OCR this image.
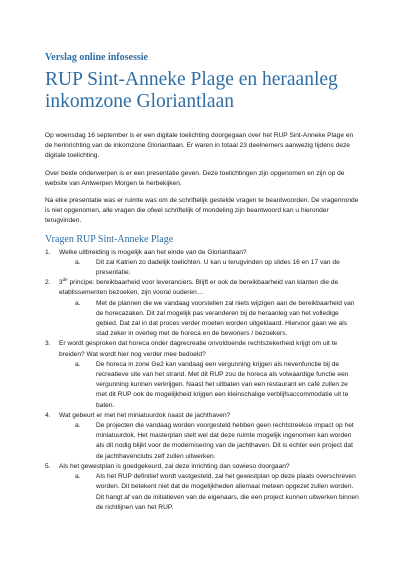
Verslag online infosessie
RUP Sint-Anneke Plage en heraanleg
inkomzone Gloriantlaan

Op woensdag 16 september is er een digitale toelichting doorgegaan over het RUP Sint-Anneke Plage en de herinrichting van de inkomzone Gloriantlaan. Er waren in totaal 23 deelnemers aanwezig tijdens deze digitale toelichting.

Over beide onderwerpen is er een presentatie geven. Deze toelichtingen zijn opgenomen en zijn op de website van Antwerpen Morgen te herbekijken.

Na elke presentatie was er ruimte was om de schriftelijk gestelde vragen te beantwoorden. De vragenronde is niet opgenomen, alle vragen die ofwel schriftelijk of mondeling zijn beantwoord kan u hieronder terugvinden.

Vragen RUP Sint-Anneke Plage
1. Welke uitbreiding is mogelijk aan het einde van de Gloriantlaan?
a. Dit zal Katrien zo dadelijk toelichten. U kan u terugvinden op slides 16 en 17 van de presentatie.
2. 3de principe: bereikbaarheid voor leveranciers. Blijft er ook de bereikbaarheid van klanten die de etablissementen bezoeken, zijn vooral ouderen…
a. Met de plannen die we vandaag voorstellen zal niets wijzigen aan de bereikbaarheid van de horecazaken. Dit zal mogelijk pas veranderen bij de heraanleg van het volledige gebied. Dat zal in dat proces verder moeten worden uitgeklaard. Hiervoor gaan we als stad zeker in overleg met de horeca en de bewoners / bezoekers.
3. Er wordt gesproken dat horeca onder dagrecreatie onvoldoende rechtszekerheid krijgt om uit te breiden? Wat wordt hier nog verder mee bedoeld?
a. De horeca in zone Ge2 kan vandaag een vergunning krijgen als nevenfunctie bij de recreatieve site van het strand. Met dit RUP zou de horeca als volwaardige functie een vergunning kunnen verkrijgen. Naast het uitbaten van een restaurant en café zullen ze met dit RUP ook de mogelijkheid krijgen een kleinschalige verblijfsaccommodatie uit te baten.
4. Wat gebeurt er met het miniatuurdok naast de jachthaven?
a. De projecten die vandaag worden voorgesteld hebben geen rechtstreekse impact op het miniatuurdok. Het masterplan stelt wel dat deze ruimte mogelijk ingenomen kan worden als dit nodig blijkt voor de modernisering van de jachthaven. Dit is echter een project dat de jachthavenclubs zelf zullen uitwerken.
5. Als het gewestplan is goedgekeurd, zal deze inrichting dan sowieso doorgaan?
a. Als het RUP definitief wordt vastgesteld, zal het gewestplan op deze plaats overschreven worden. Dit betekent niet dat de mogelijkheden allemaal meteen opgezet zullen worden. Dit hangt af van de initiatieven van de eigenaars, die een project kunnen uitwerken binnen de richtlijnen van het RUP.
